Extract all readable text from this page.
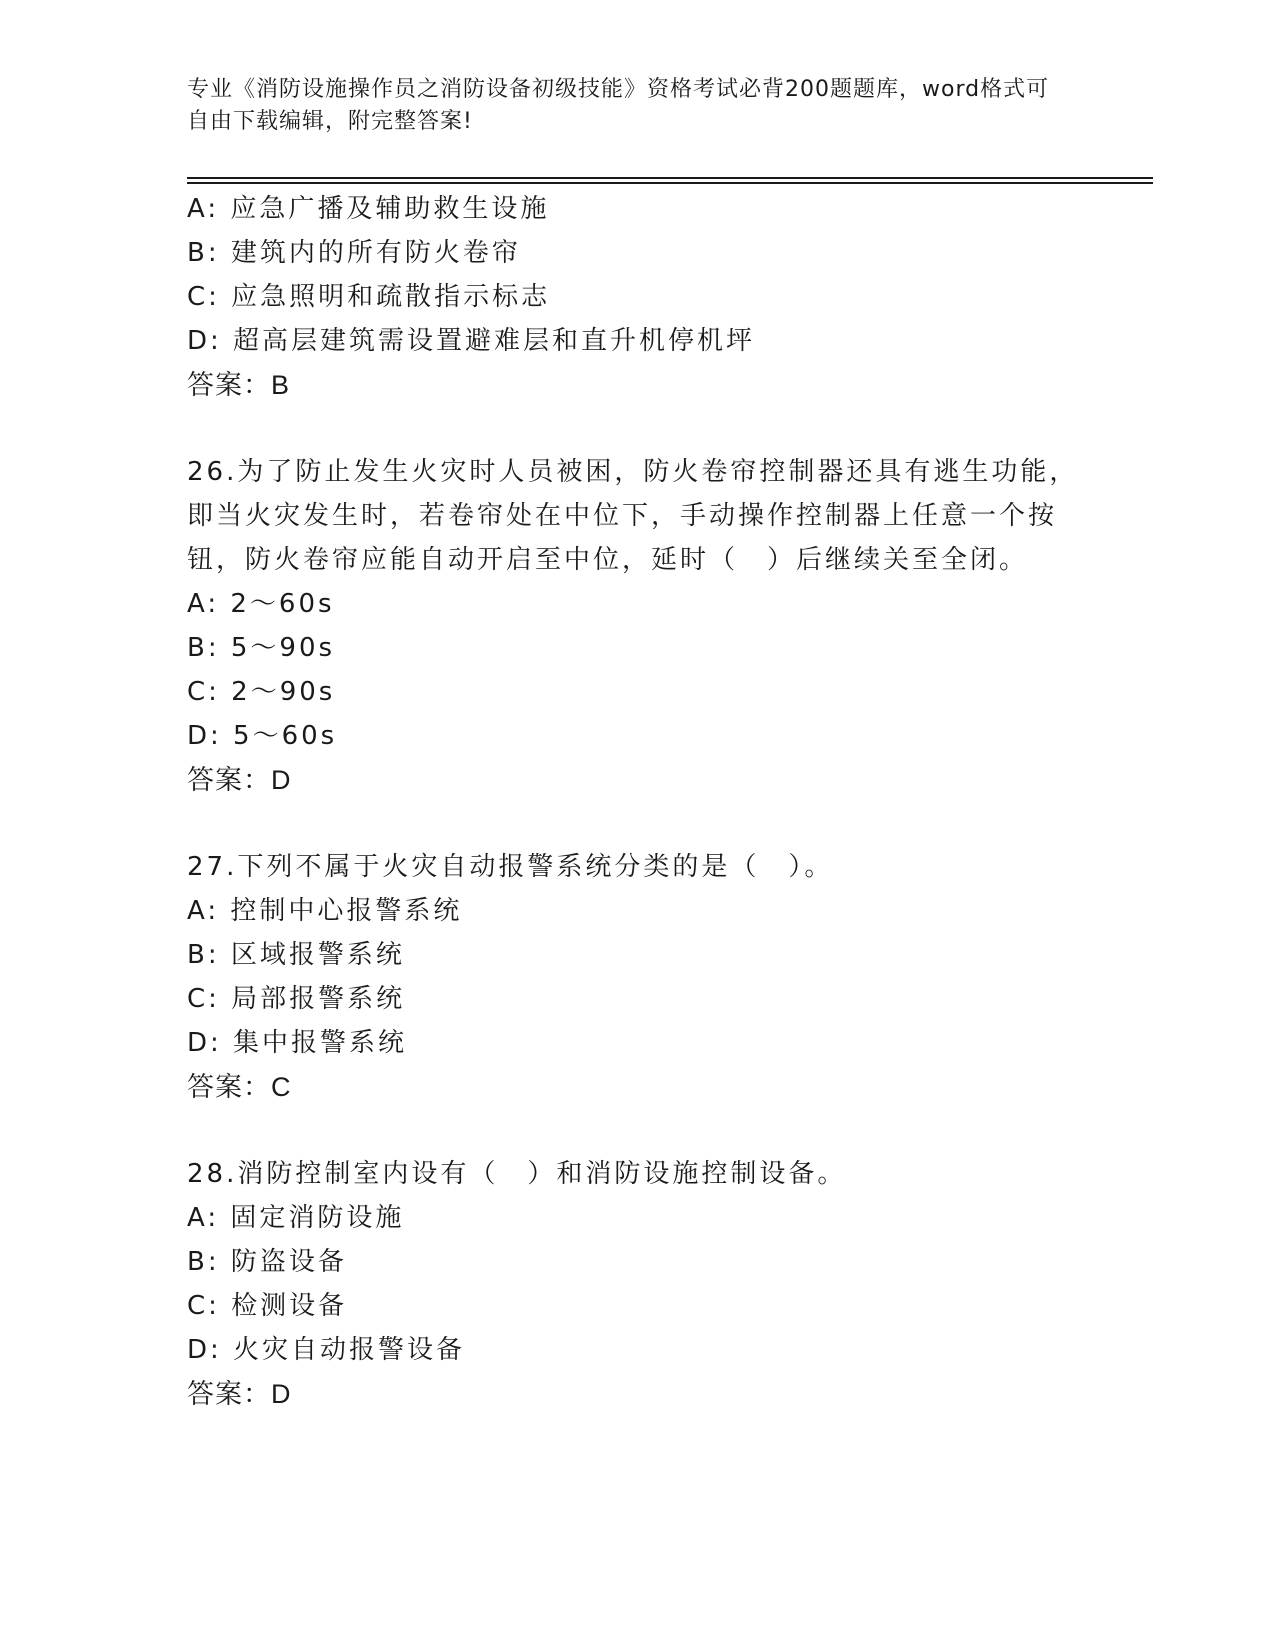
专业《消防设施操作员之消防设备初级技能》资格考试必背200题题库，word格式可自由下载编辑，附完整答案!
A: 应急广播及辅助救生设施
B: 建筑内的所有防火卷帘
C: 应急照明和疏散指示标志
D: 超高层建筑需设置避难层和直升机停机坪
答案：B
26.为了防止发生火灾时人员被困，防火卷帘控制器还具有逃生功能，
即当火灾发生时，若卷帘处在中位下，手动操作控制器上任意一个按
钮，防火卷帘应能自动开启至中位，延时（　）后继续关至全闭。
A: 2～60s
B: 5～90s
C: 2～90s
D: 5～60s
答案：D
27.下列不属于火灾自动报警系统分类的是（　）。
A: 控制中心报警系统
B: 区域报警系统
C: 局部报警系统
D: 集中报警系统
答案：C
28.消防控制室内设有（　）和消防设施控制设备。
A: 固定消防设施
B: 防盗设备
C: 检测设备
D: 火灾自动报警设备
答案：D
